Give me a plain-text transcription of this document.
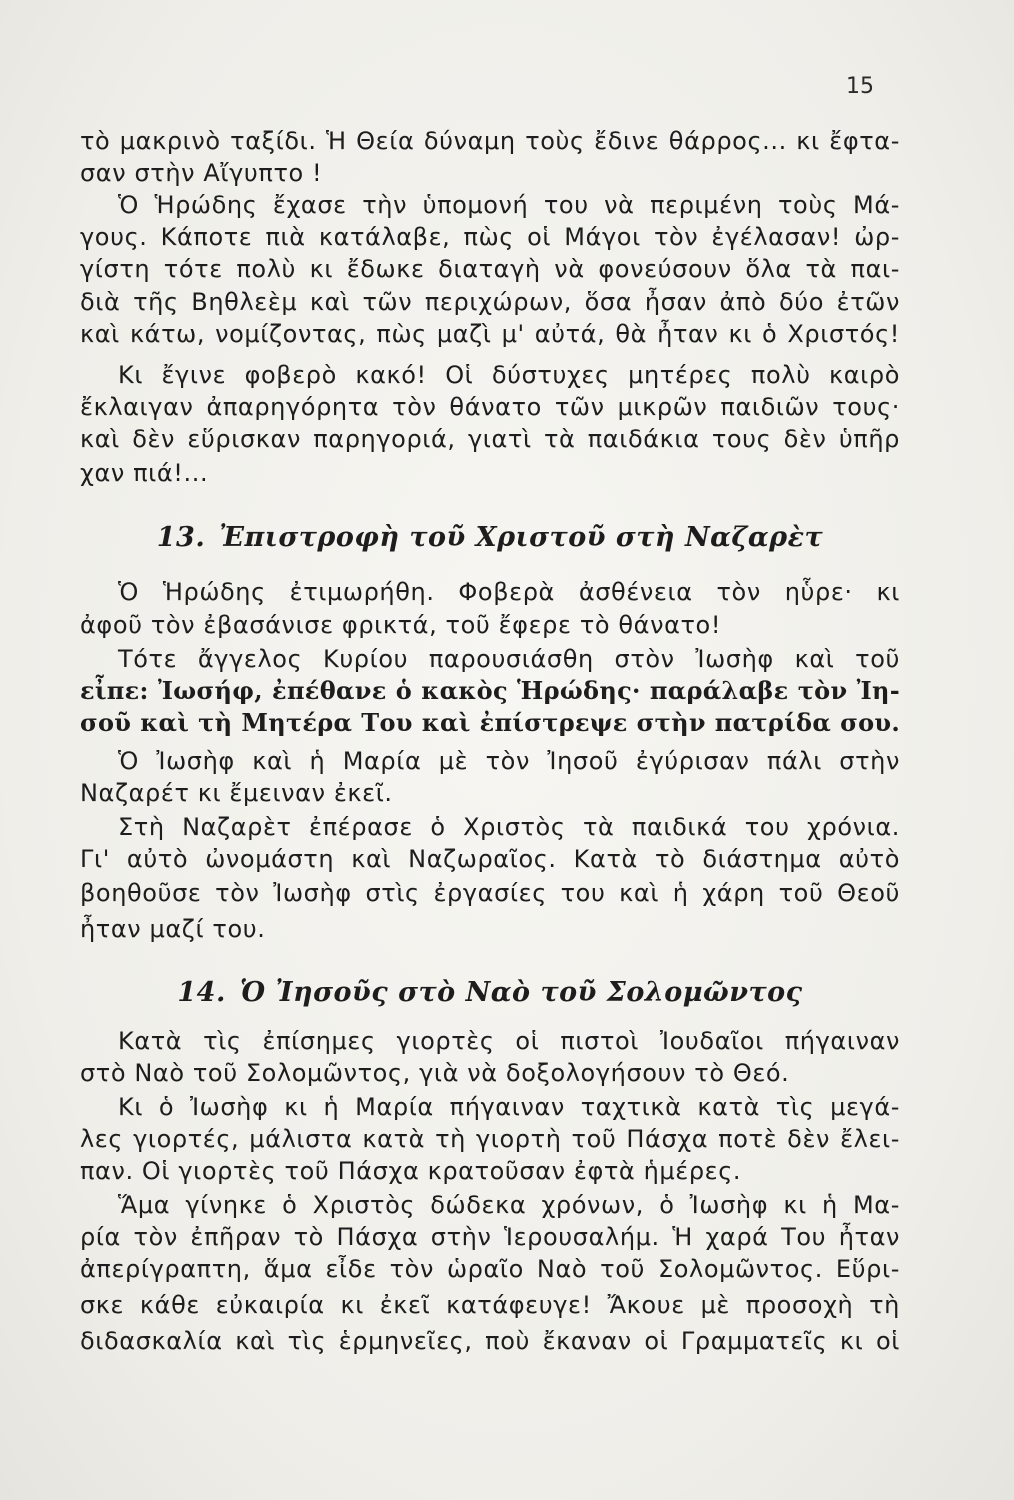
15
τὸ μακρινὸ ταξίδι. Ἡ Θεία δύναμη τοὺς ἔδινε θάρρος... κι ἔφτα-
σαν στὴν Αἴγυπτο !
Ὁ Ἡρώδης ἔχασε τὴν ὑπομονή του νὰ περιμένη τοὺς Μά-
γους. Κάποτε πιὰ κατάλαβε, πὼς οἱ Μάγοι τὸν ἐγέλασαν! ὠρ-
γίστη τότε πολὺ κι ἔδωκε διαταγὴ νὰ φονεύσουν ὅλα τὰ παι-
διὰ τῆς Βηθλεὲμ καὶ τῶν περιχώρων, ὅσα ἦσαν ἀπὸ δύο ἐτῶν
καὶ κάτω, νομίζοντας, πὼς μαζὶ μ' αὐτά, θὰ ἦταν κι ὁ Χριστός!
Κι ἔγινε φοβερὸ κακό! Οἱ δύστυχες μητέρες πολὺ καιρὸ
ἔκλαιγαν ἀπαρηγόρητα τὸν θάνατο τῶν μικρῶν παιδιῶν τους·
καὶ δὲν εὕρισκαν παρηγοριά, γιατὶ τὰ παιδάκια τους δὲν ὑπῆρ
χαν πιά!...
13. Ἐπιστροφὴ τοῦ Χριστοῦ στὴ Ναζαρὲτ
Ὁ Ἡρώδης ἐτιμωρήθη. Φοβερὰ ἀσθένεια τὸν ηὗρε· κι
ἀφοῦ τὸν ἐβασάνισε φρικτά, τοῦ ἔφερε τὸ θάνατο!
Τότε ἄγγελος Κυρίου παρουσιάσθη στὸν Ἰωσὴφ καὶ τοῦ
εἶπε: Ἰωσήφ, ἐπέθανε ὁ κακὸς Ἡρώδης· παράλαβε τὸν Ἰη-
σοῦ καὶ τὴ Μητέρα Του καὶ ἐπίστρεψε στὴν πατρίδα σου.
Ὁ Ἰωσὴφ καὶ ἡ Μαρία μὲ τὸν Ἰησοῦ ἐγύρισαν πάλι στὴν
Ναζαρέτ κι ἔμειναν ἐκεῖ.
Στὴ Ναζαρὲτ ἐπέρασε ὁ Χριστὸς τὰ παιδικά του χρόνια.
Γι' αὐτὸ ὠνομάστη καὶ Ναζωραῖος. Κατὰ τὸ διάστημα αὐτὸ
βοηθοῦσε τὸν Ἰωσὴφ στὶς ἐργασίες του καὶ ἡ χάρη τοῦ Θεοῦ
ἦταν μαζί του.
14. Ὁ Ἰησοῦς στὸ Ναὸ τοῦ Σολομῶντος
Κατὰ τὶς ἐπίσημες γιορτὲς οἱ πιστοὶ Ἰουδαῖοι πήγαιναν
στὸ Ναὸ τοῦ Σολομῶντος, γιὰ νὰ δοξολογήσουν τὸ Θεό.
Κι ὁ Ἰωσὴφ κι ἡ Μαρία πήγαιναν ταχτικὰ κατὰ τὶς μεγά-
λες γιορτές, μάλιστα κατὰ τὴ γιορτὴ τοῦ Πάσχα ποτὲ δὲν ἔλει-
παν. Οἱ γιορτὲς τοῦ Πάσχα κρατοῦσαν ἐφτὰ ἡμέρες.
Ἅμα γίνηκε ὁ Χριστὸς δώδεκα χρόνων, ὁ Ἰωσὴφ κι ἡ Μα-
ρία τὸν ἐπῆραν τὸ Πάσχα στὴν Ἱερουσαλήμ. Ἡ χαρά Του ἦταν
ἀπερίγραπτη, ἅμα εἶδε τὸν ὡραῖο Ναὸ τοῦ Σολομῶντος. Εὕρι-
σκε κάθε εὐκαιρία κι ἐκεῖ κατάφευγε! Ἄκουε μὲ προσοχὴ τὴ
διδασκαλία καὶ τὶς ἑρμηνεῖες, ποὺ ἔκαναν οἱ Γραμματεῖς κι οἱ
